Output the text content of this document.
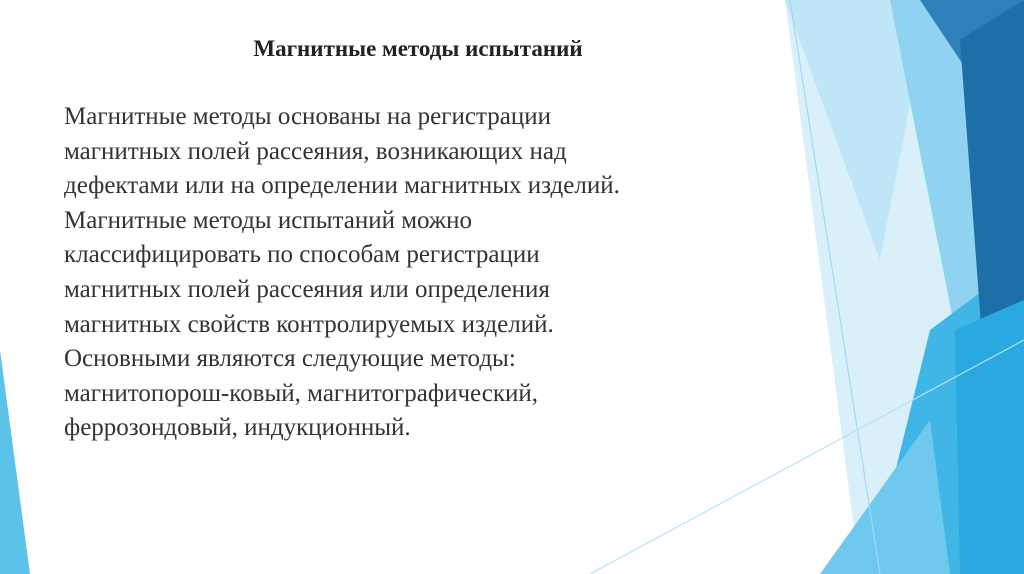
Магнитные методы испытаний
Магнитные методы основаны на регистрации
магнитных полей рассеяния, возникающих над
дефектами или на определении магнитных изделий.
Магнитные методы испытаний можно
классифицировать по способам регистрации
магнитных полей рассеяния или определения
магнитных свойств контролируемых изделий.
Основными являются следующие методы:
магнитопорош-ковый, магнитографический,
феррозондовый, индукционный.
